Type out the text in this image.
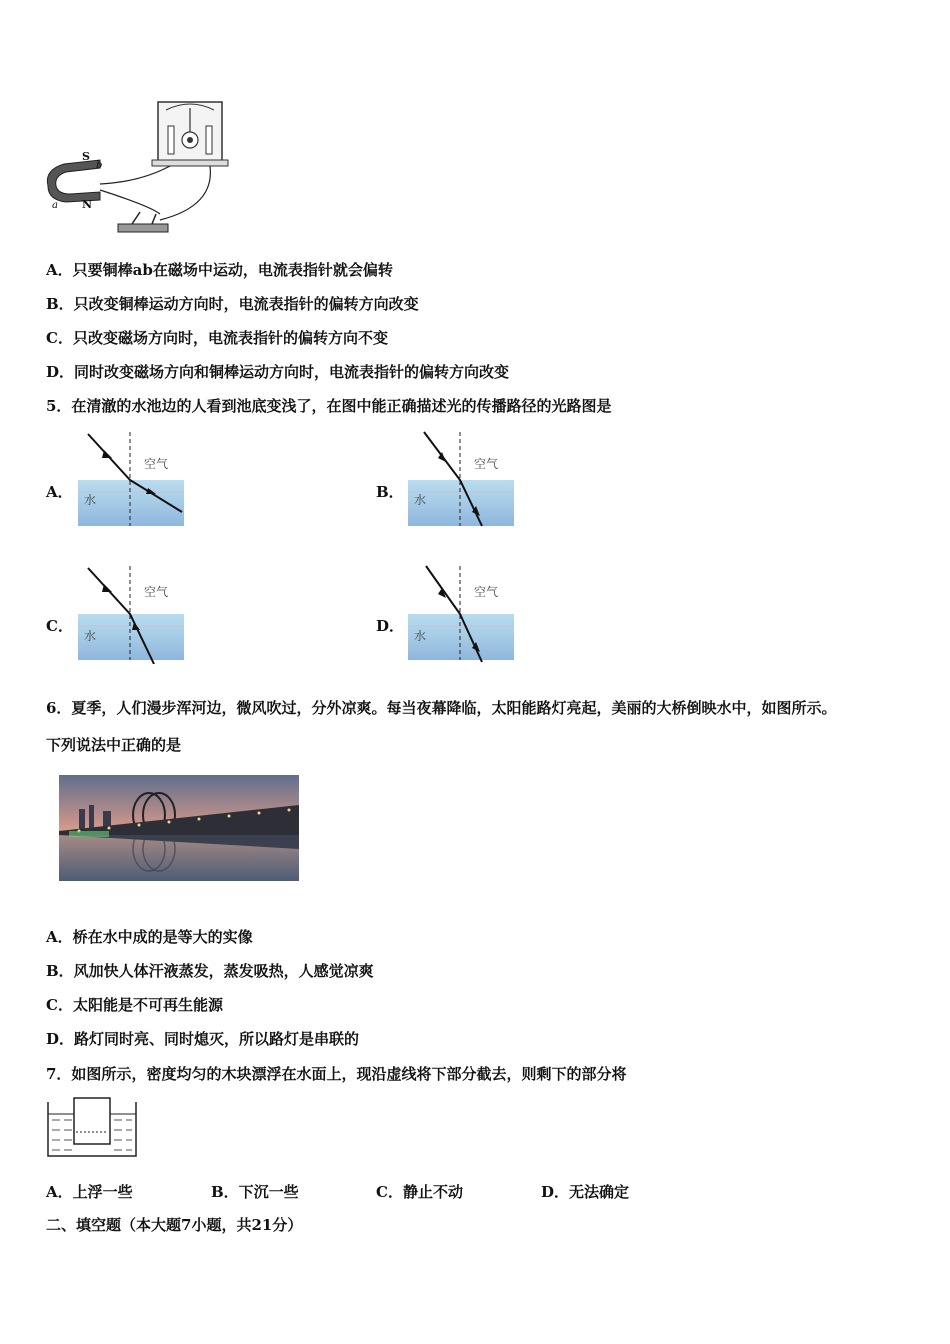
S
b
a N
A．只要铜棒ab在磁场中运动，电流表指针就会偏转
B．只改变铜棒运动方向时，电流表指针的偏转方向改变
C．只改变磁场方向时，电流表指针的偏转方向不变
D．同时改变磁场方向和铜棒运动方向时，电流表指针的偏转方向改变
5．在清澈的水池边的人看到池底变浅了，在图中能正确描述光的传播路径的光路图是
A．	B．
C．	D．
空气
水
空气
水
空气
水
空气
水
6．夏季，人们漫步浑河边，微风吹过，分外凉爽。每当夜幕降临，太阳能路灯亮起，美丽的大桥倒映水中，如图所示。
下列说法中正确的是
A．桥在水中成的是等大的实像
B．风加快人体汗液蒸发，蒸发吸热，人感觉凉爽
C．太阳能是不可再生能源
D．路灯同时亮、同时熄灭，所以路灯是串联的
7．如图所示，密度均匀的木块漂浮在水面上，现沿虚线将下部分截去，则剩下的部分将
A．上浮一些	B．下沉一些	C．静止不动	D．无法确定
二、填空题（本大题7小题，共21分）
